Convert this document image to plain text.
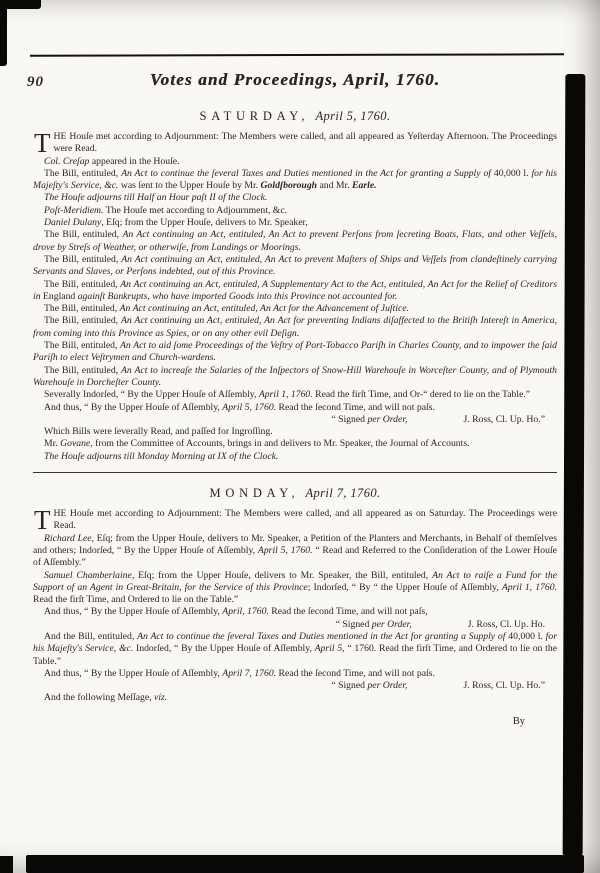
90	Votes and Proceedings, April, 1760.
SATURDAY, April 5, 1760.

THE Houſe met according to Adjournment: The Members were called, and all appeared as Yeſterday Afternoon. The Proceedings were Read.

Col. Creſap appeared in the Houſe.

The Bill, entituled, An Act to continue the ſeveral Taxes and Duties mentioned in the Act for granting a Supply of 40,000 l. for his Majeſty's Service, &c. was ſent to the Upper Houſe by Mr. Goldſborough and Mr. Earle.

The Houſe adjourns till Half an Hour paſt II of the Clock.

Poſt-Meridiem. The Houſe met according to Adjournment, &c.

Daniel Dulany, Eſq; from the Upper Houſe, delivers to Mr. Speaker,

The Bill, entituled, An Act continuing an Act, entituled, An Act to prevent Perſons from ſecreting Boats, Flats, and other Veſſels, drove by Streſs of Weather, or otherwiſe, from Landings or Moorings.

The Bill, entituled, An Act continuing an Act, entituled, An Act to prevent Maſters of Ships and Veſſels from clandeſtinely carrying Servants and Slaves, or Perſons indebted, out of this Province.

The Bill, entituled, An Act continuing an Act, entituled, A Supplementary Act to the Act, entituled, An Act for the Relief of Creditors in England againſt Bankrupts, who have imported Goods into this Province not accounted for.

The Bill, entituled, An Act continuing an Act, entituled, An Act for the Advancement of Juſtice.

The Bill, entituled, An Act continuing an Act, entituled, An Act for preventing Indians diſaffected to the Britiſh Intereſt in America, from coming into this Province as Spies, or on any other evil Deſign.

The Bill, entituled, An Act to aid ſome Proceedings of the Veſtry of Port-Tobacco Pariſh in Charles County, and to impower the ſaid Pariſh to elect Veſtrymen and Church-wardens.

The Bill, entituled, An Act to increaſe the Salaries of the Inſpectors of Snow-Hill Warehouſe in Worceſter County, and of Plymouth Warehouſe in Dorcheſter County.

Severally Indorſed, “ By the Upper Houſe of Aſſembly, April 1, 1760. Read the firſt Time, and Or-“ dered to lie on the Table.”

And thus, “ By the Upper Houſe of Aſſembly, April 5, 1760. Read the ſecond Time, and will not paſs.

“ Signed per Order,	J. Ross, Cl. Up. Ho.”

Which Bills were ſeverally Read, and paſſed for Ingroſſing.

Mr. Govane, from the Committee of Accounts, brings in and delivers to Mr. Speaker, the Journal of Accounts.

The Houſe adjourns till Monday Morning at IX of the Clock.

MONDAY, April 7, 1760.

THE Houſe met according to Adjournment: The Members were called, and all appeared as on Saturday. The Proceedings were Read.

Richard Lee, Eſq; from the Upper Houſe, delivers to Mr. Speaker, a Petition of the Planters and Merchants, in Behalf of themſelves and others; Indorſed, “ By the Upper Houſe of Aſſembly, April 5, 1760. “ Read and Referred to the Conſideration of the Lower Houſe of Aſſembly.”

Samuel Chamberlaine, Eſq; from the Upper Houſe, delivers to Mr. Speaker, the Bill, entituled, An Act to raiſe a Fund for the Support of an Agent in Great-Britain, for the Service of this Province; Indorſed, “ By “ the Upper Houſe of Aſſembly, April 1, 1760. Read the firſt Time, and Ordered to lie on the Table.”

And thus, “ By the Upper Houſe of Aſſembly, April, 1760. Read the ſecond Time, and will not paſs,

“ Signed per Order,	J. Ross, Cl. Up. Ho.

And the Bill, entituled, An Act to continue the ſeveral Taxes and Duties mentioned in the Act for granting a Supply of 40,000 l. for his Majeſty's Service, &c. Indorſed, “ By the Upper Houſe of Aſſembly, April 5, “ 1760. Read the firſt Time, and Ordered to lie on the Table.”

And thus, “ By the Upper Houſe of Aſſembly, April 7, 1760. Read the ſecond Time, and will not paſs.

“ Signed per Order,	J. Ross, Cl. Up. Ho.”

And the following Meſſage, viz.

By
